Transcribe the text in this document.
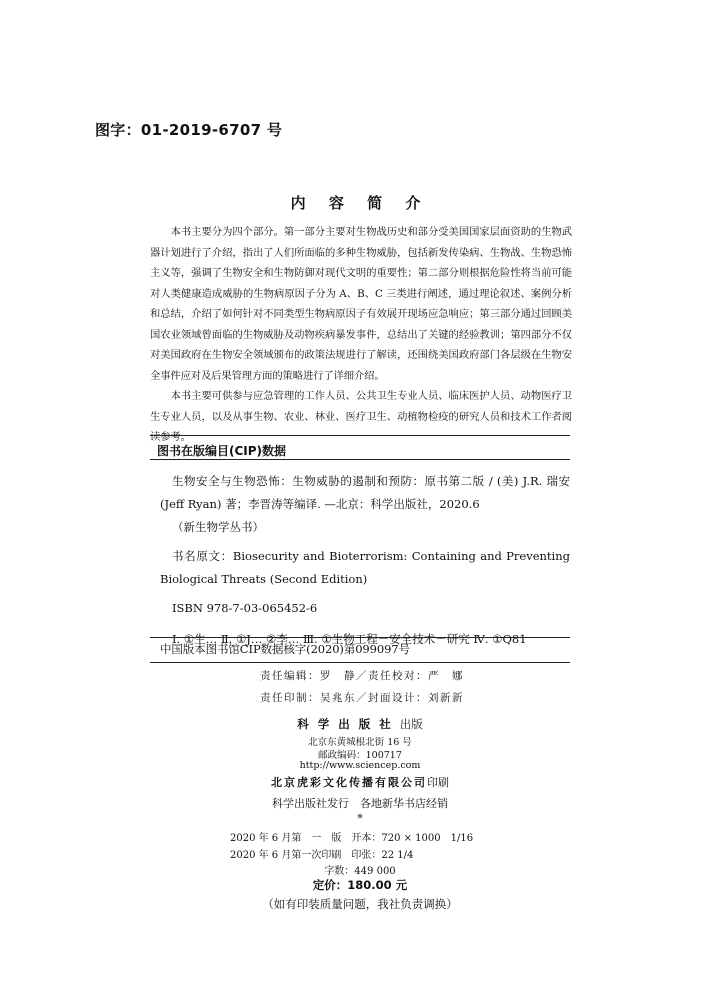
图字：01-2019-6707 号
内 容 简 介

本书主要分为四个部分。第一部分主要对生物战历史和部分受美国国家层面资助的生物武器计划进行了介绍，指出了人们所面临的多种生物威胁，包括新发传染病、生物战、生物恐怖主义等，强调了生物安全和生物防御对现代文明的重要性；第二部分则根据危险性将当前可能对人类健康造成威胁的生物病原因子分为 A、B、C 三类进行阐述，通过理论叙述、案例分析和总结，介绍了如何针对不同类型生物病原因子有效展开现场应急响应；第三部分通过回顾美国农业领域曾面临的生物威胁及动物疾病暴发事件，总结出了关键的经验教训；第四部分不仅对美国政府在生物安全领域颁布的政策法规进行了解读，还围绕美国政府部门各层级在生物安全事件应对及后果管理方面的策略进行了详细介绍。

本书主要可供参与应急管理的工作人员、公共卫生专业人员、临床医护人员、动物医疗卫生专业人员，以及从事生物、农业、林业、医疗卫生、动植物检疫的研究人员和技术工作者阅读参考。

图书在版编目(CIP)数据

生物安全与生物恐怖：生物威胁的遏制和预防：原书第二版 / (美) J.R. 瑞安 (Jeff Ryan) 著；李晋涛等编译. —北京：科学出版社，2020.6

（新生物学丛书）

书名原文：Biosecurity and Bioterrorism: Containing and Preventing Biological Threats (Second Edition)

ISBN 978-7-03-065452-6

Ⅰ. ①生… Ⅱ. ①J… ②李… Ⅲ. ①生物工程－安全技术－研究 Ⅳ. ①Q81

中国版本图书馆CIP数据核字(2020)第099097号
责任编辑：罗　静／责任校对：严　娜
责任印制：吴兆东／封面设计：刘新新
科学出版社出版
北京东黄城根北街 16 号
邮政编码：100717
http://www.sciencep.com
北京虎彩文化传播有限公司印刷
科学出版社发行　各地新华书店经销
*
2020 年 6 月第　一　版　开本：720 × 1000　1/16
2020 年 6 月第一次印刷　印张：22 1/4
字数：449 000
定价：180.00 元
（如有印装质量问题，我社负责调换）
